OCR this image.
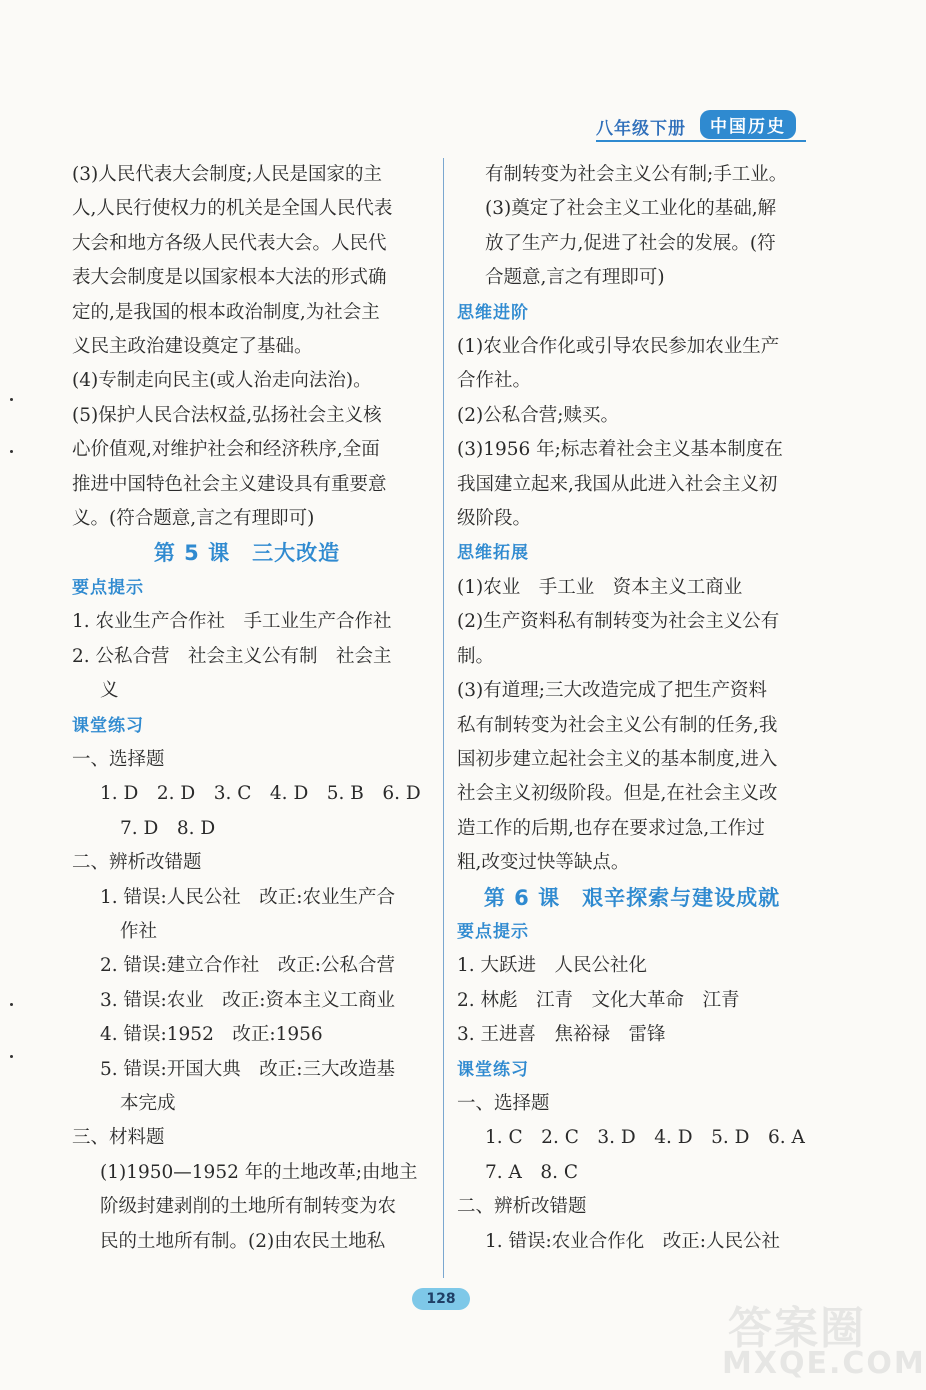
八年级下册	中国历史
(3)人民代表大会制度;人民是国家的主
人,人民行使权力的机关是全国人民代表
大会和地方各级人民代表大会。人民代
表大会制度是以国家根本大法的形式确
定的,是我国的根本政治制度,为社会主
义民主政治建设奠定了基础。
(4)专制走向民主(或人治走向法治)。
(5)保护人民合法权益,弘扬社会主义核
心价值观,对维护社会和经济秩序,全面
推进中国特色社会主义建设具有重要意
义。(符合题意,言之有理即可)
第 5 课　三大改造
要点提示
1. 农业生产合作社　手工业生产合作社
2. 公私合营　社会主义公有制　社会主
义
课堂练习
一、选择题
1. D　2. D　3. C　4. D　5. B　6. D
7. D　8. D
二、辨析改错题
1. 错误:人民公社　改正:农业生产合
作社
2. 错误:建立合作社　改正:公私合营
3. 错误:农业　改正:资本主义工商业
4. 错误:1952　改正:1956
5. 错误:开国大典　改正:三大改造基
本完成
三、材料题
(1)1950—1952 年的土地改革;由地主
阶级封建剥削的土地所有制转变为农
民的土地所有制。(2)由农民土地私
有制转变为社会主义公有制;手工业。
(3)奠定了社会主义工业化的基础,解
放了生产力,促进了社会的发展。(符
合题意,言之有理即可)
思维进阶
(1)农业合作化或引导农民参加农业生产
合作社。
(2)公私合营;赎买。
(3)1956 年;标志着社会主义基本制度在
我国建立起来,我国从此进入社会主义初
级阶段。
思维拓展
(1)农业　手工业　资本主义工商业
(2)生产资料私有制转变为社会主义公有
制。
(3)有道理;三大改造完成了把生产资料
私有制转变为社会主义公有制的任务,我
国初步建立起社会主义的基本制度,进入
社会主义初级阶段。但是,在社会主义改
造工作的后期,也存在要求过急,工作过
粗,改变过快等缺点。
第 6 课　艰辛探索与建设成就
要点提示
1. 大跃进　人民公社化
2. 林彪　江青　文化大革命　江青
3. 王进喜　焦裕禄　雷锋
课堂练习
一、选择题
1. C　2. C　3. D　4. D　5. D　6. A
7. A　8. C
二、辨析改错题
1. 错误:农业合作化　改正:人民公社
128
答案圈
MXQE.COM
